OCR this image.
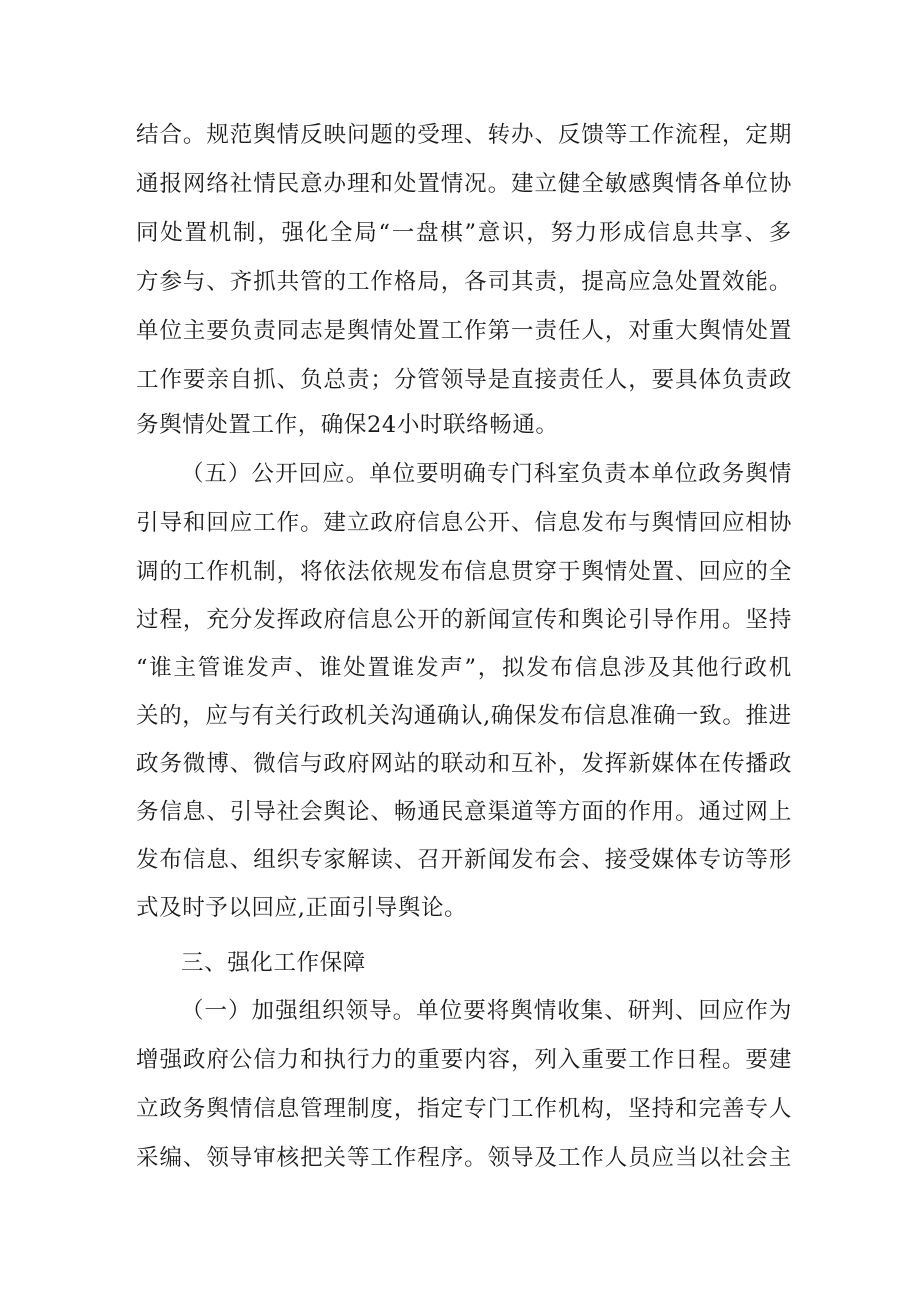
结 合 。 规 范 舆 情 反 映 问 题 的 受 理 、 转 办 、 反 馈 等 工 作 流 程 ， 定 期
通 报 网 络 社 情 民 意 办 理 和 处 置 情 况 。 建 立 健 全 敏 感 舆 情 各 单 位 协
同 处 置 机 制 ， 强 化 全 局 “ 一 盘 棋 ” 意 识 ， 努 力 形 成 信 息 共 享 、 多
方 参 与 、 齐 抓 共 管 的 工 作 格 局 ， 各 司 其 责 ， 提 高 应 急 处 置 效 能 。
单 位 主 要 负 责 同 志 是 舆 情 处 置 工 作 第 一 责 任 人 ， 对 重 大 舆 情 处 置
工 作 要 亲 自 抓 、 负 总 责 ； 分 管 领 导 是 直 接 责 任 人 ， 要 具 体 负 责 政
务舆情处置工作，确保24小时联络畅通。
（ 五 ） 公 开 回 应 。 单 位 要 明 确 专 门 科 室 负 责 本 单 位 政 务 舆 情
引 导 和 回 应 工 作 。 建 立 政 府 信 息 公 开 、 信 息 发 布 与 舆 情 回 应 相 协
调 的 工 作 机 制 ， 将 依 法 依 规 发 布 信 息 贯 穿 于 舆 情 处 置 、 回 应 的 全
过 程 ， 充 分 发 挥 政 府 信 息 公 开 的 新 闻 宣 传 和 舆 论 引 导 作 用 。 坚 持
“ 谁 主 管 谁 发 声 、 谁 处 置 谁 发 声 ” ， 拟 发 布 信 息 涉 及 其 他 行 政 机
关 的 ， 应 与 有 关 行 政 机 关 沟 通 确 认 , 确 保 发 布 信 息 准 确 一 致 。 推 进
政 务 微 博 、 微 信 与 政 府 网 站 的 联 动 和 互 补 ， 发 挥 新 媒 体 在 传 播 政
务 信 息 、 引 导 社 会 舆 论 、 畅 通 民 意 渠 道 等 方 面 的 作 用 。 通 过 网 上
发 布 信 息 、 组 织 专 家 解 读 、 召 开 新 闻 发 布 会 、 接 受 媒 体 专 访 等 形
式及时予以回应,正面引导舆论。
三、强化工作保障
（ 一 ） 加 强 组 织 领 导 。 单 位 要 将 舆 情 收 集 、 研 判 、 回 应 作 为
增 强 政 府 公 信 力 和 执 行 力 的 重 要 内 容 ， 列 入 重 要 工 作 日 程 。 要 建
立 政 务 舆 情 信 息 管 理 制 度 ， 指 定 专 门 工 作 机 构 ， 坚 持 和 完 善 专 人
采 编 、 领 导 审 核 把 关 等 工 作 程 序 。 领 导 及 工 作 人 员 应 当 以 社 会 主
